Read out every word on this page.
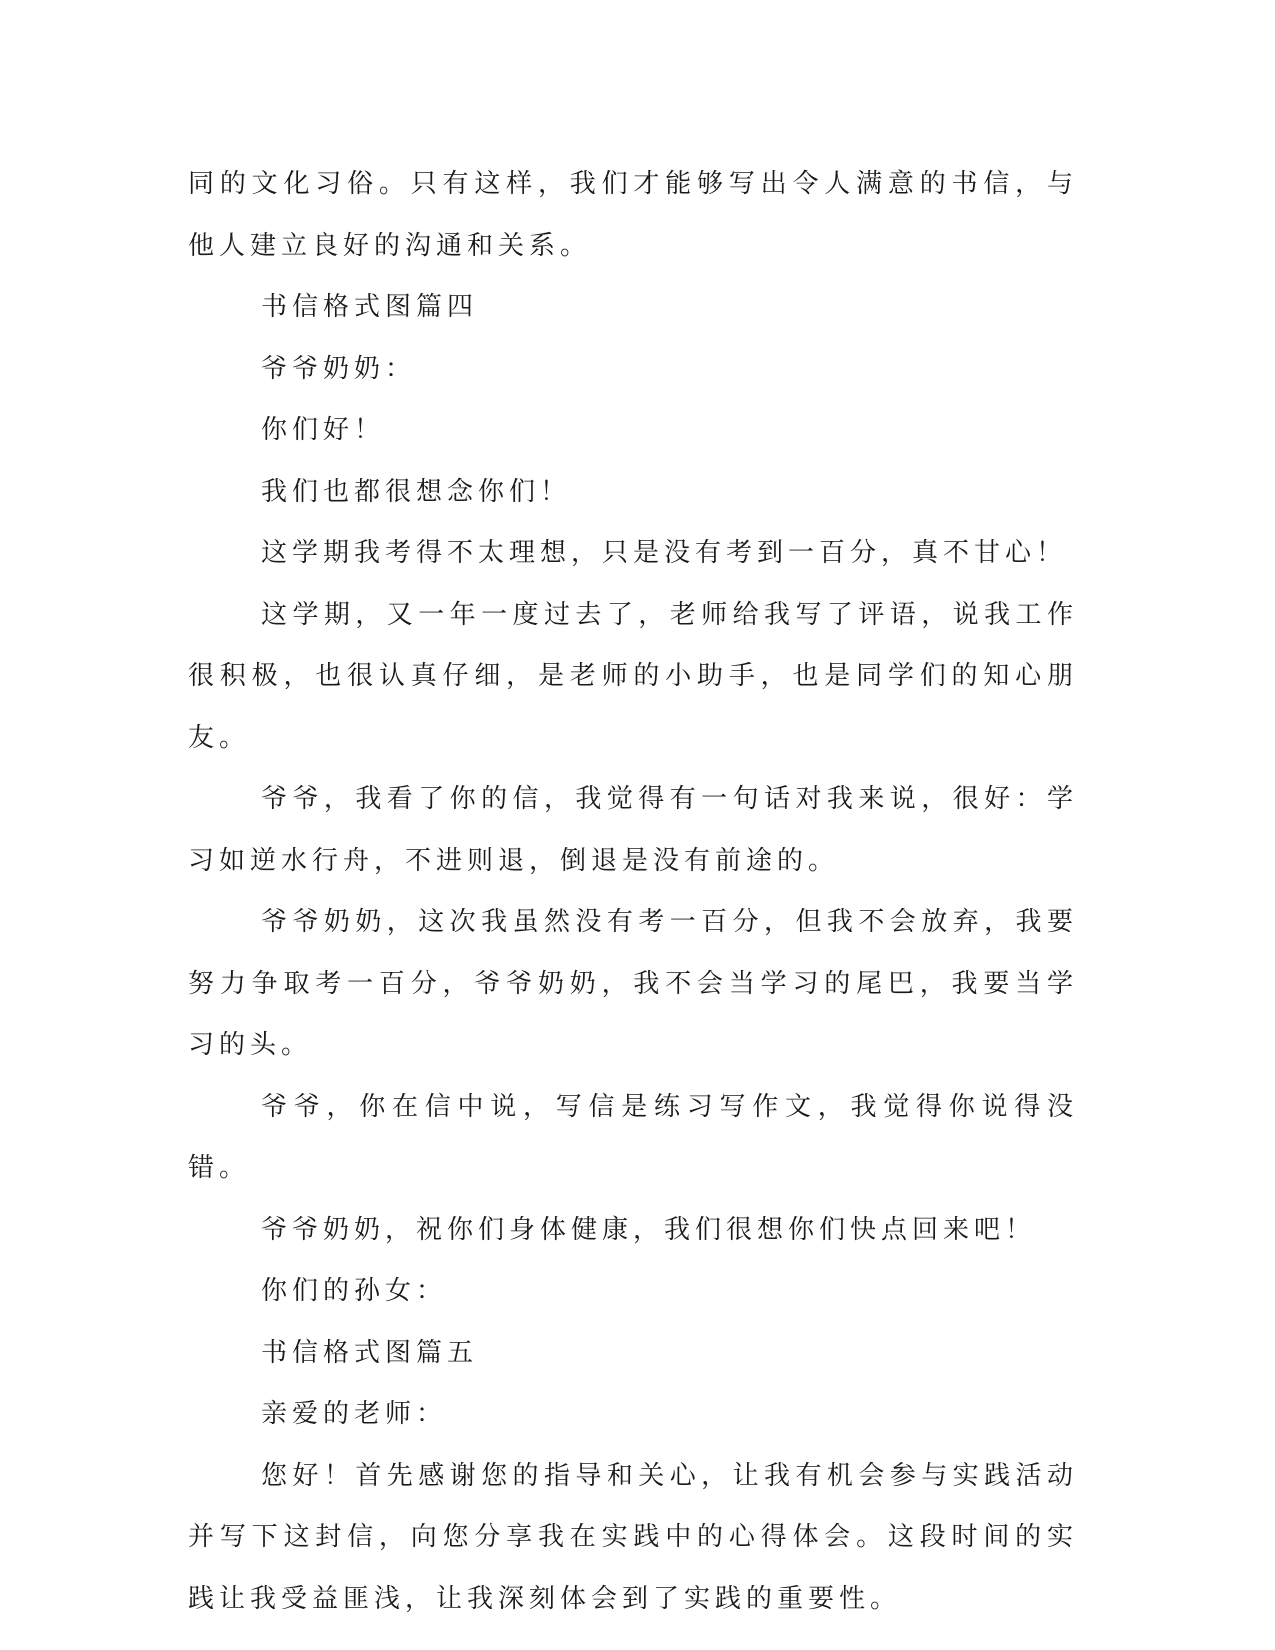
同的文化习俗。只有这样，我们才能够写出令人满意的书信，与他人建立良好的沟通和关系。

书信格式图篇四

爷爷奶奶：

你们好！

我们也都很想念你们！

这学期我考得不太理想，只是没有考到一百分，真不甘心！

这学期，又一年一度过去了，老师给我写了评语，说我工作很积极，也很认真仔细，是老师的小助手，也是同学们的知心朋友。

爷爷，我看了你的信，我觉得有一句话对我来说，很好：学习如逆水行舟，不进则退，倒退是没有前途的。

爷爷奶奶，这次我虽然没有考一百分，但我不会放弃，我要努力争取考一百分，爷爷奶奶，我不会当学习的尾巴，我要当学习的头。

爷爷，你在信中说，写信是练习写作文，我觉得你说得没错。

爷爷奶奶，祝你们身体健康，我们很想你们快点回来吧！

你们的孙女：

书信格式图篇五

亲爱的老师：

您好！首先感谢您的指导和关心，让我有机会参与实践活动并写下这封信，向您分享我在实践中的心得体会。这段时间的实践让我受益匪浅，让我深刻体会到了实践的重要性。
